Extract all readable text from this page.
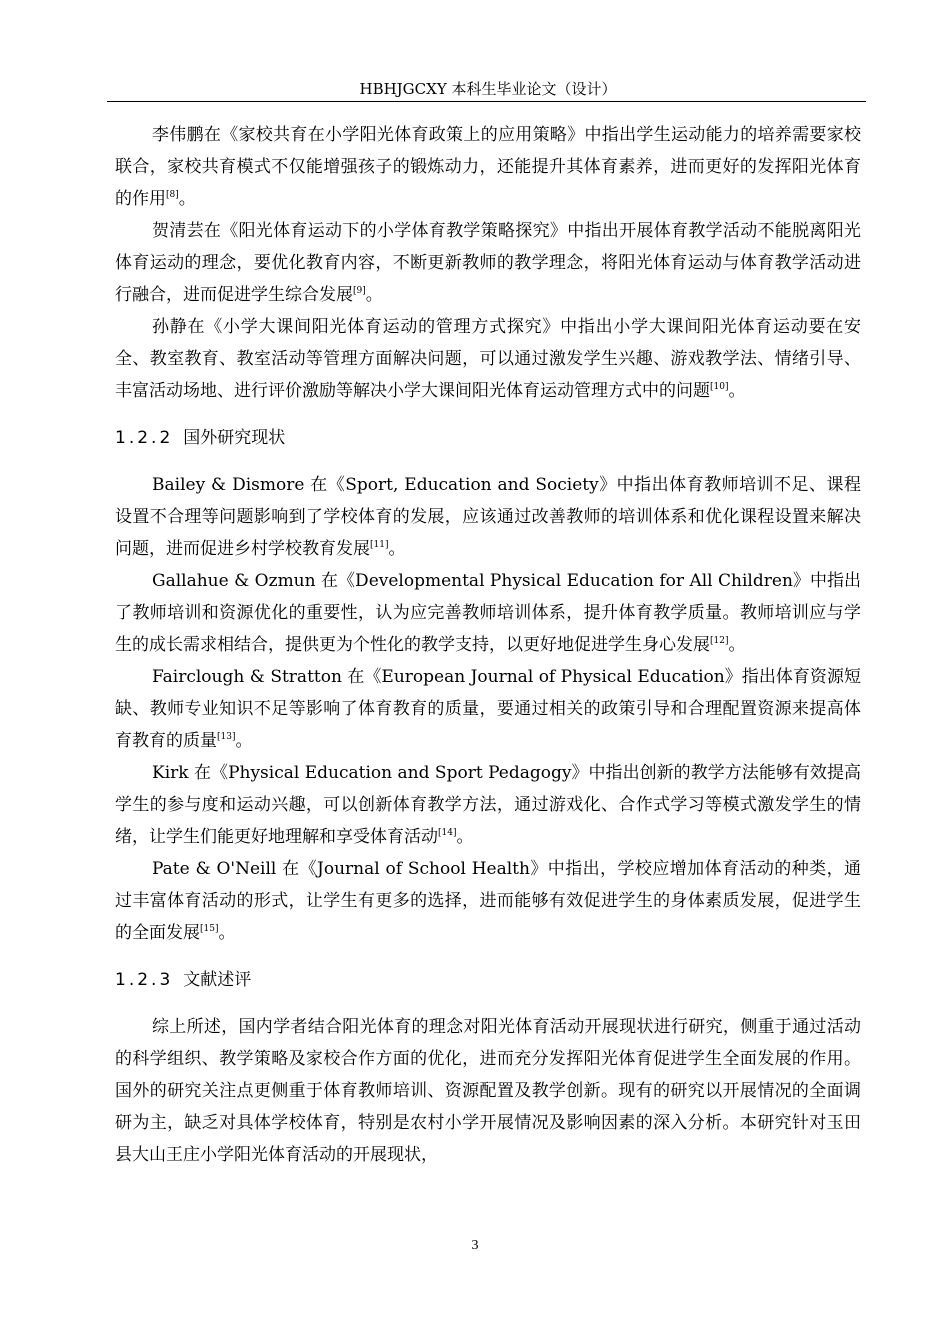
HBHJGCXY 本科生毕业论文（设计）

李伟鹏在《家校共育在小学阳光体育政策上的应用策略》中指出学生运动能力的培养需要家校联合，家校共育模式不仅能增强孩子的锻炼动力，还能提升其体育素养，进而更好的发挥阳光体育的作用[8]。

贺清芸在《阳光体育运动下的小学体育教学策略探究》中指出开展体育教学活动不能脱离阳光体育运动的理念，要优化教育内容，不断更新教师的教学理念，将阳光体育运动与体育教学活动进行融合，进而促进学生综合发展[9]。

孙静在《小学大课间阳光体育运动的管理方式探究》中指出小学大课间阳光体育运动要在安全、教室教育、教室活动等管理方面解决问题，可以通过激发学生兴趣、游戏教学法、情绪引导、丰富活动场地、进行评价激励等解决小学大课间阳光体育运动管理方式中的问题[10]。

1.2.2 国外研究现状

Bailey & Dismore 在《Sport, Education and Society》中指出体育教师培训不足、课程设置不合理等问题影响到了学校体育的发展，应该通过改善教师的培训体系和优化课程设置来解决问题，进而促进乡村学校教育发展[11]。

Gallahue & Ozmun 在《Developmental Physical Education for All Children》中指出了教师培训和资源优化的重要性，认为应完善教师培训体系，提升体育教学质量。教师培训应与学生的成长需求相结合，提供更为个性化的教学支持，以更好地促进学生身心发展[12]。

Fairclough & Stratton 在《European Journal of Physical Education》指出体育资源短缺、教师专业知识不足等影响了体育教育的质量，要通过相关的政策引导和合理配置资源来提高体育教育的质量[13]。

Kirk 在《Physical Education and Sport Pedagogy》中指出创新的教学方法能够有效提高学生的参与度和运动兴趣，可以创新体育教学方法，通过游戏化、合作式学习等模式激发学生的情绪，让学生们能更好地理解和享受体育活动[14]。

Pate & O'Neill 在《Journal of School Health》中指出，学校应增加体育活动的种类，通过丰富体育活动的形式，让学生有更多的选择，进而能够有效促进学生的身体素质发展，促进学生的全面发展[15]。

1.2.3 文献述评

综上所述，国内学者结合阳光体育的理念对阳光体育活动开展现状进行研究，侧重于通过活动的科学组织、教学策略及家校合作方面的优化，进而充分发挥阳光体育促进学生全面发展的作用。国外的研究关注点更侧重于体育教师培训、资源配置及教学创新。现有的研究以开展情况的全面调研为主，缺乏对具体学校体育，特别是农村小学开展情况及影响因素的深入分析。本研究针对玉田县大山王庄小学阳光体育活动的开展现状，

3
